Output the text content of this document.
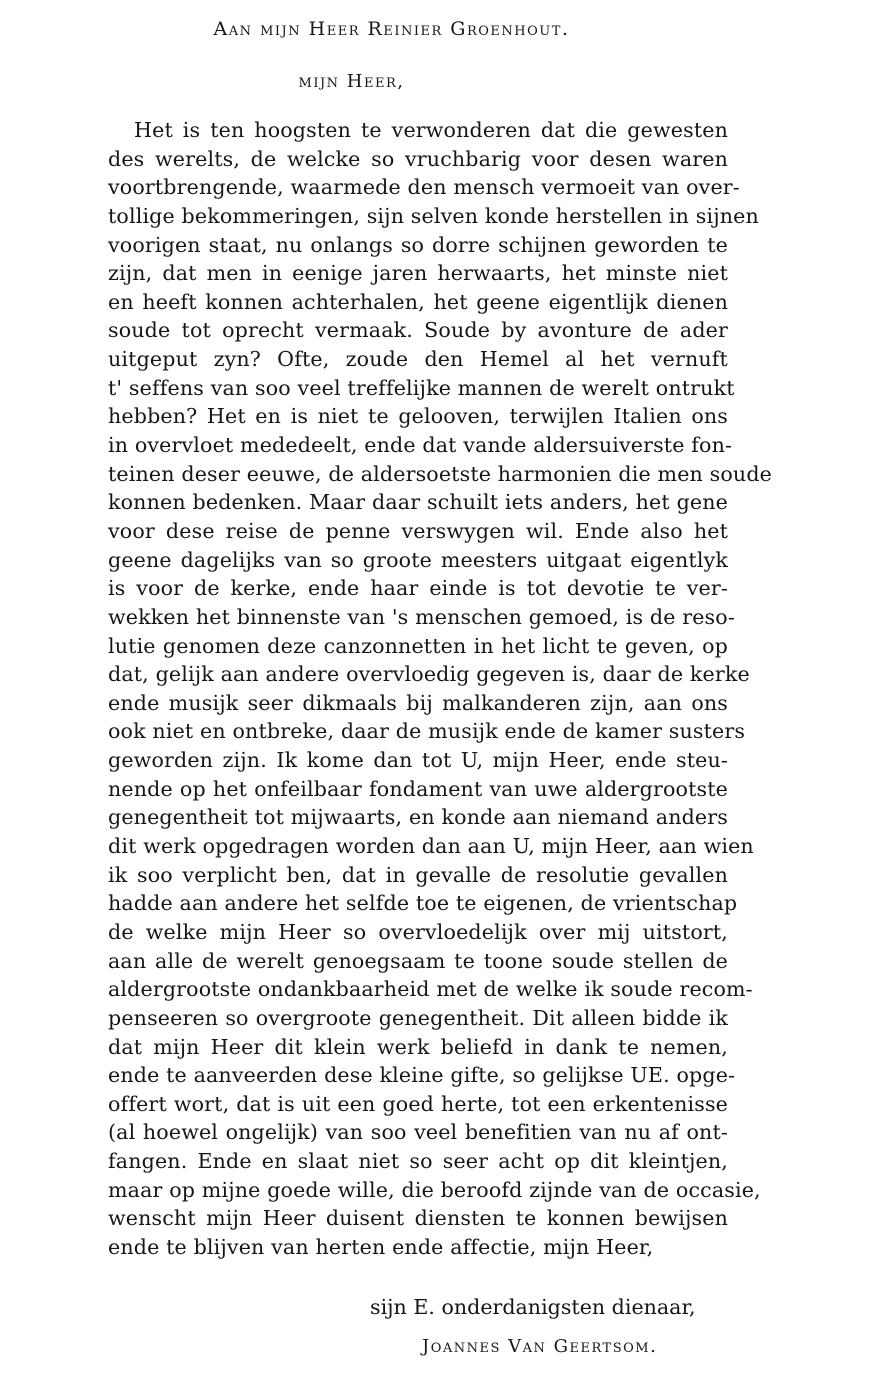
Aan mijn Heer Reinier Groenhout.
mijn Heer,
Het is ten hoogsten te verwonderen dat die gewesten
des werelts, de welcke so vruchbarig voor desen waren
voortbrengende, waarmede den mensch vermoeit van over-
tollige bekommeringen, sijn selven konde herstellen in sijnen
voorigen staat, nu onlangs so dorre schijnen geworden te
zijn, dat men in eenige jaren herwaarts, het minste niet
en heeft konnen achterhalen, het geene eigentlijk dienen
soude tot oprecht vermaak. Soude by avonture de ader
uitgeput zyn? Ofte, zoude den Hemel al het vernuft
t' seffens van soo veel treffelijke mannen de werelt ontrukt
hebben? Het en is niet te gelooven, terwijlen Italien ons
in overvloet mededeelt, ende dat vande aldersuiverste fon-
teinen deser eeuwe, de aldersoetste harmonien die men soude
konnen bedenken. Maar daar schuilt iets anders, het gene
voor dese reise de penne verswygen wil. Ende also het
geene dagelijks van so groote meesters uitgaat eigentlyk
is voor de kerke, ende haar einde is tot devotie te ver-
wekken het binnenste van 's menschen gemoed, is de reso-
lutie genomen deze canzonnetten in het licht te geven, op
dat, gelijk aan andere overvloedig gegeven is, daar de kerke
ende musijk seer dikmaals bij malkanderen zijn, aan ons
ook niet en ontbreke, daar de musijk ende de kamer susters
geworden zijn. Ik kome dan tot U, mijn Heer, ende steu-
nende op het onfeilbaar fondament van uwe aldergrootste
genegentheit tot mijwaarts, en konde aan niemand anders
dit werk opgedragen worden dan aan U, mijn Heer, aan wien
ik soo verplicht ben, dat in gevalle de resolutie gevallen
hadde aan andere het selfde toe te eigenen, de vrientschap
de welke mijn Heer so overvloedelijk over mij uitstort,
aan alle de werelt genoegsaam te toone soude stellen de
aldergrootste ondankbaarheid met de welke ik soude recom-
penseeren so overgroote genegentheit. Dit alleen bidde ik
dat mijn Heer dit klein werk beliefd in dank te nemen,
ende te aanveerden dese kleine gifte, so gelijkse UE. opge-
offert wort, dat is uit een goed herte, tot een erkentenisse
(al hoewel ongelijk) van soo veel benefitien van nu af ont-
fangen. Ende en slaat niet so seer acht op dit kleintjen,
maar op mijne goede wille, die beroofd zijnde van de occasie,
wenscht mijn Heer duisent diensten te konnen bewijsen
ende te blijven van herten ende affectie, mijn Heer,
sijn E. onderdanigsten dienaar,
Joannes Van Geertsom.
